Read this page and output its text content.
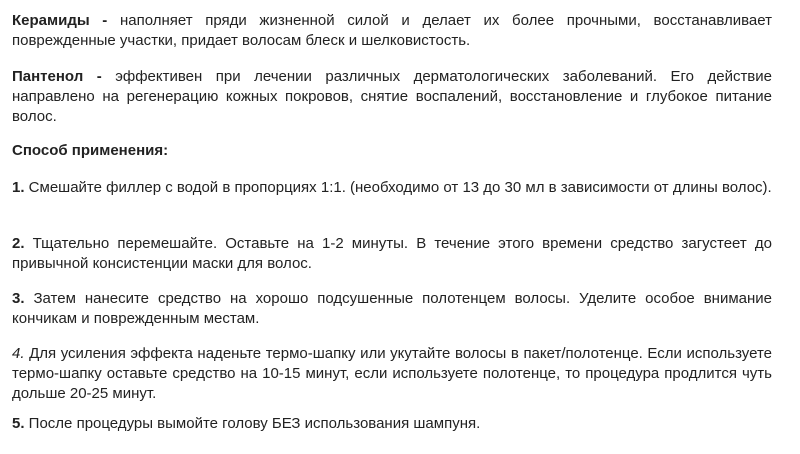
Керамиды - наполняет пряди жизненной силой и делает их более прочными, восстанавливает поврежденные участки, придает волосам блеск и шелковистость.

Пантенол - эффективен при лечении различных дерматологических заболеваний. Его действие направлено на регенерацию кожных покровов, снятие воспалений, восстановление и глубокое питание волос.

Способ применения:

1. Смешайте филлер с водой в пропорциях 1:1. (необходимо от 13 до 30 мл в зависимости от длины волос).

2. Тщательно перемешайте. Оставьте на 1-2 минуты. В течение этого времени средство загустеет до привычной консистенции маски для волос.

3. Затем нанесите средство на хорошо подсушенные полотенцем волосы. Уделите особое внимание кончикам и поврежденным местам.

4. Для усиления эффекта наденьте термо-шапку или укутайте волосы в пакет/полотенце. Если используете термо-шапку оставьте средство на 10-15 минут, если используете полотенце, то процедура продлится чуть дольше 20-25 минут.

5. После процедуры вымойте голову БЕЗ использования шампуня.
